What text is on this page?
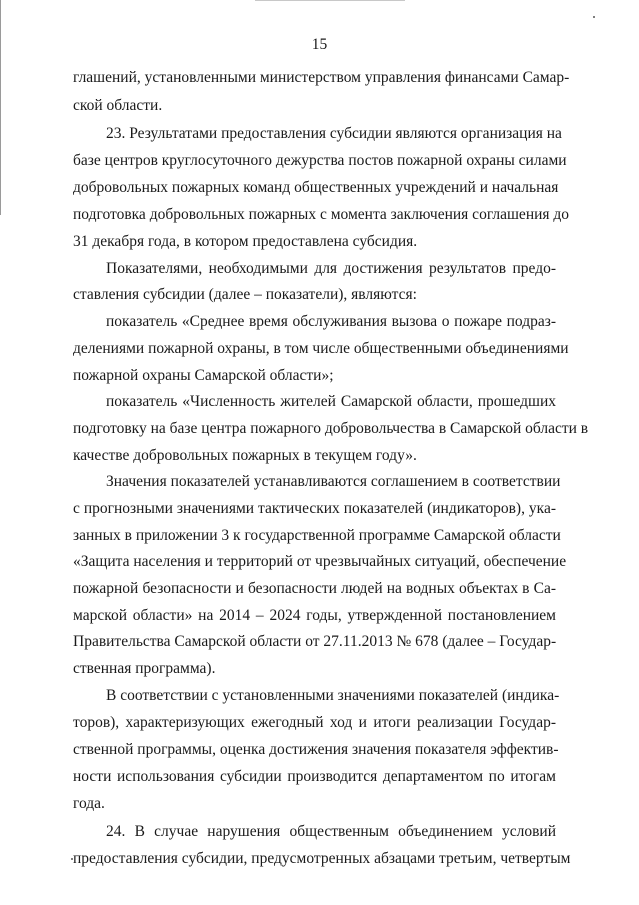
15
глашений, установленными министерством управления финансами Самар-
ской области.
23. Результатами предоставления субсидии являются организация на
базе центров круглосуточного дежурства постов пожарной охраны силами
добровольных пожарных команд общественных учреждений и начальная
подготовка добровольных пожарных с момента заключения соглашения до
31 декабря года, в котором предоставлена субсидия.
Показателями, необходимыми для достижения результатов предо-
ставления субсидии (далее – показатели), являются:
показатель «Среднее время обслуживания вызова о пожаре подраз-
делениями пожарной охраны, в том числе общественными объединениями
пожарной охраны Самарской области»;
показатель «Численность жителей Самарской области, прошедших
подготовку на базе центра пожарного добровольчества в Самарской области в
качестве добровольных пожарных в текущем году».
Значения показателей устанавливаются соглашением в соответствии
с прогнозными значениями тактических показателей (индикаторов), ука-
занных в приложении 3 к государственной программе Самарской области
«Защита населения и территорий от чрезвычайных ситуаций, обеспечение
пожарной безопасности и безопасности людей на водных объектах в Са-
марской области» на 2014 – 2024 годы, утвержденной постановлением
Правительства Самарской области от 27.11.2013 № 678 (далее – Государ-
ственная программа).
В соответствии с установленными значениями показателей (индика-
торов), характеризующих ежегодный ход и итоги реализации Государ-
ственной программы, оценка достижения значения показателя эффектив-
ности использования субсидии производится департаментом по итогам
года.
24. В случае нарушения общественным объединением условий
предоставления субсидии, предусмотренных абзацами третьим, четвертым
